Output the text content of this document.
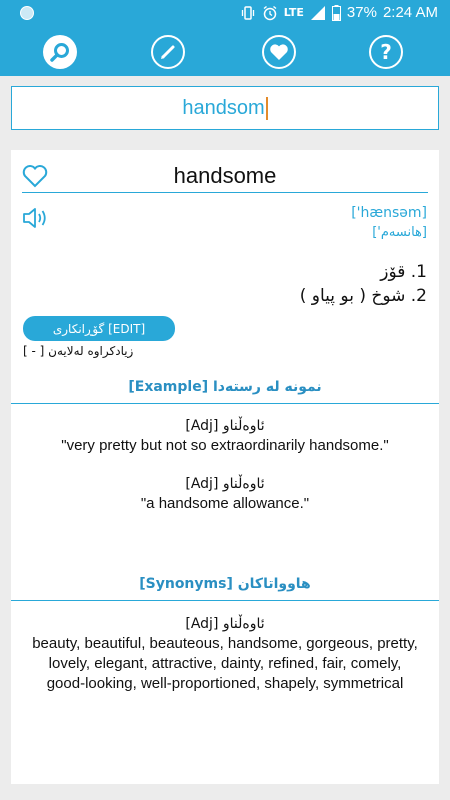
LTE	37% 2:24 AM
?
handsom
handsome
['hænsəm]
['هانسەم]
1. قۆز
2. شوخ ( بو پیاو )
گۆڕانکاری [EDIT]
زیادکراوە لەلایەن [ - ]
نمونە لە رستەدا [Example]
ئاوەڵناو [Adj]
"very pretty but not so extraordinarily handsome."
ئاوەڵناو [Adj]
"a handsome allowance."
هاوواتاکان [Synonyms]
ئاوەڵناو [Adj]
beauty, beautiful, beauteous, handsome, gorgeous, pretty, lovely, elegant, attractive, dainty, refined, fair, comely, good-looking, well-proportioned, shapely, symmetrical
